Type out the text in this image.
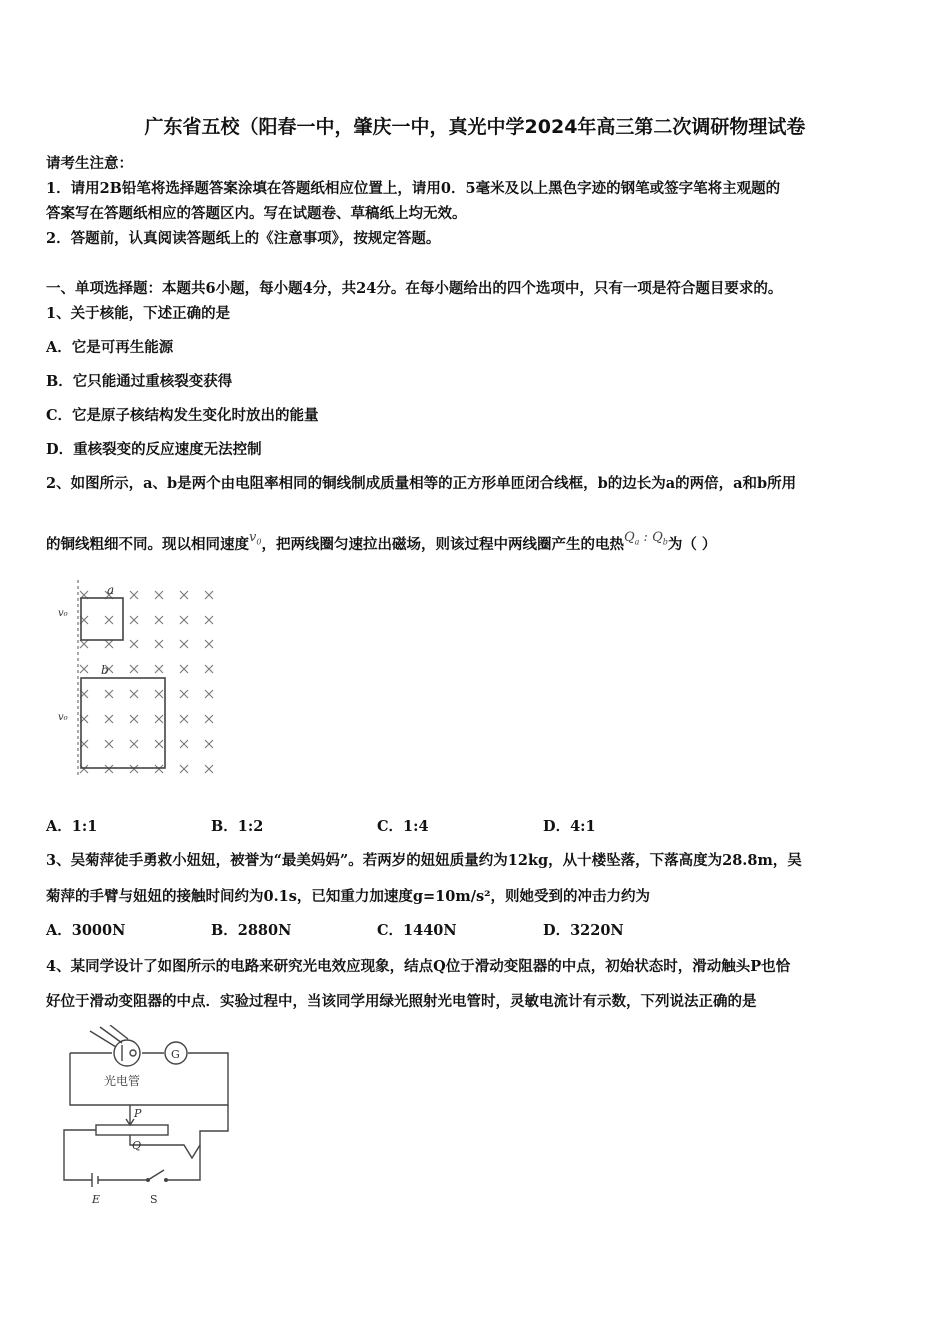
广东省五校（阳春一中，肇庆一中，真光中学2024年高三第二次调研物理试卷
请考生注意：
1．请用2B铅笔将选择题答案涂填在答题纸相应位置上，请用0．5毫米及以上黑色字迹的钢笔或签字笔将主观题的
答案写在答题纸相应的答题区内。写在试题卷、草稿纸上均无效。
2．答题前，认真阅读答题纸上的《注意事项》，按规定答题。
一、单项选择题：本题共6小题，每小题4分，共24分。在每小题给出的四个选项中，只有一项是符合题目要求的。
1、关于核能，下述正确的是
A．它是可再生能源
B．它只能通过重核裂变获得
C．它是原子核结构发生变化时放出的能量
D．重核裂变的反应速度无法控制
2、如图所示，a、b是两个由电阻率相同的铜线制成质量相等的正方形单匝闭合线框，b的边长为a的两倍，a和b所用
的铜线粗细不同。现以相同速度$v_0$，把两线圈匀速拉出磁场，则该过程中两线圈产生的电热$Q_a$ : $Q_b$为（ ）
a
b
v₀
v₀
A．1:1	B．1:2	C．1:4	D．4:1
3、吴菊萍徒手勇救小妞妞，被誉为“最美妈妈”。若两岁的妞妞质量约为12kg，从十楼坠落，下落高度为28.8m，吴
菊萍的手臂与妞妞的接触时间约为0.1s，已知重力加速度g=10m/s²，则她受到的冲击力约为
A．3000N	B．2880N	C．1440N	D．3220N
4、某同学设计了如图所示的电路来研究光电效应现象，结点Q位于滑动变阻器的中点，初始状态时，滑动触头P也恰
好位于滑动变阻器的中点．实验过程中，当该同学用绿光照射光电管时，灵敏电流计有示数，下列说法正确的是
光电管
G
P
Q
E	S
